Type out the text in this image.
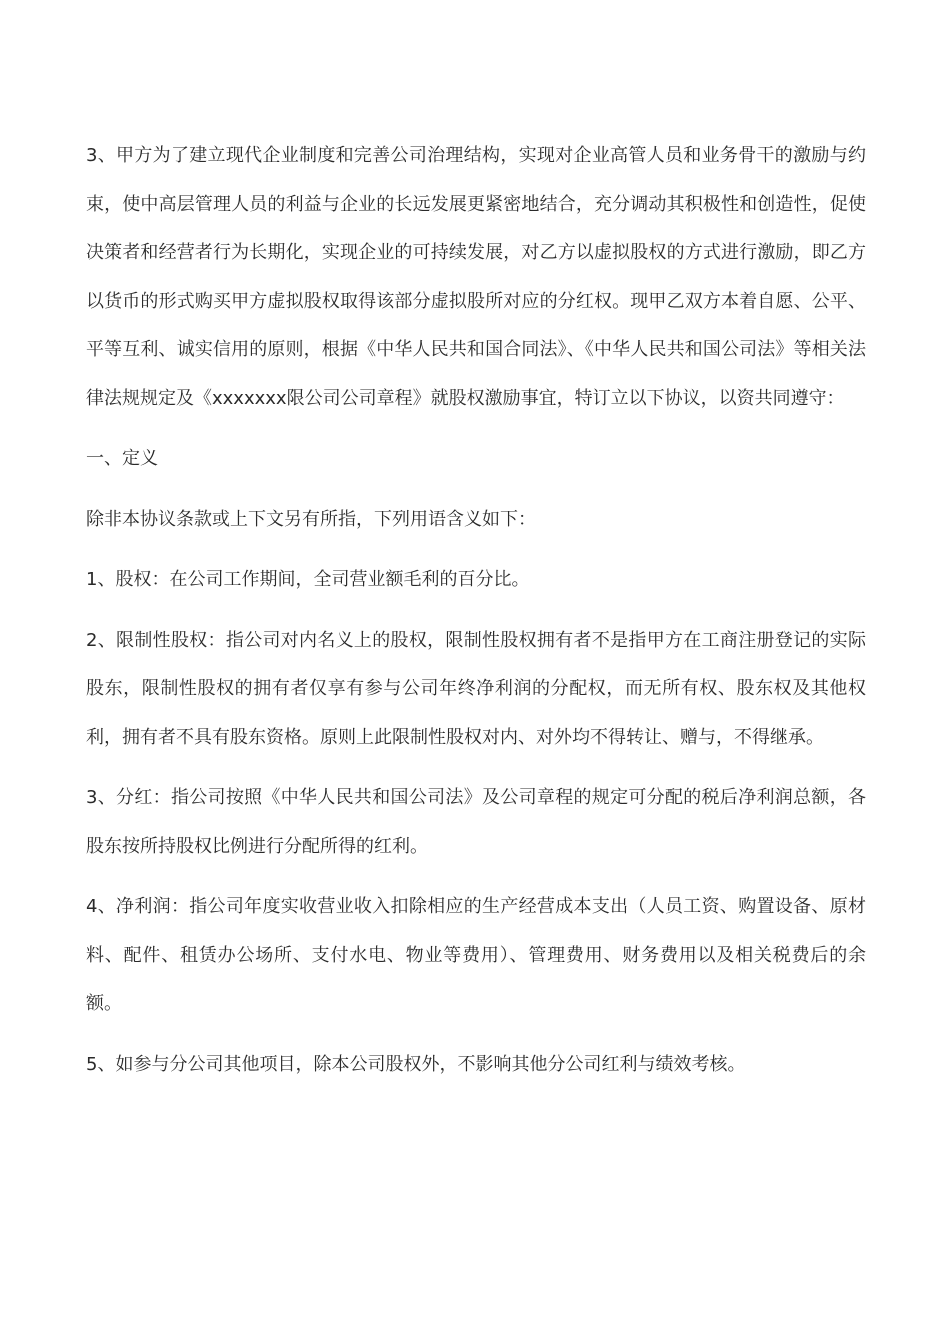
3、甲方为了建立现代企业制度和完善公司治理结构，实现对企业高管人员和业务骨干的激励与约束，使中高层管理人员的利益与企业的长远发展更紧密地结合，充分调动其积极性和创造性，促使决策者和经营者行为长期化，实现企业的可持续发展，对乙方以虚拟股权的方式进行激励，即乙方以货币的形式购买甲方虚拟股权取得该部分虚拟股所对应的分红权。现甲乙双方本着自愿、公平、平等互利、诚实信用的原则，根据《中华人民共和国合同法》、《中华人民共和国公司法》等相关法律法规规定及《xxxxxxx限公司公司章程》就股权激励事宜，特订立以下协议，以资共同遵守：

一、定义

除非本协议条款或上下文另有所指，下列用语含义如下：

1、股权：在公司工作期间，全司营业额毛利的百分比。

2、限制性股权：指公司对内名义上的股权，限制性股权拥有者不是指甲方在工商注册登记的实际股东，限制性股权的拥有者仅享有参与公司年终净利润的分配权，而无所有权、股东权及其他权利，拥有者不具有股东资格。原则上此限制性股权对内、对外均不得转让、赠与，不得继承。

3、分红：指公司按照《中华人民共和国公司法》及公司章程的规定可分配的税后净利润总额，各股东按所持股权比例进行分配所得的红利。

4、净利润：指公司年度实收营业收入扣除相应的生产经营成本支出（人员工资、购置设备、原材料、配件、租赁办公场所、支付水电、物业等费用）、管理费用、财务费用以及相关税费后的余额。

5、如参与分公司其他项目，除本公司股权外，不影响其他分公司红利与绩效考核。
